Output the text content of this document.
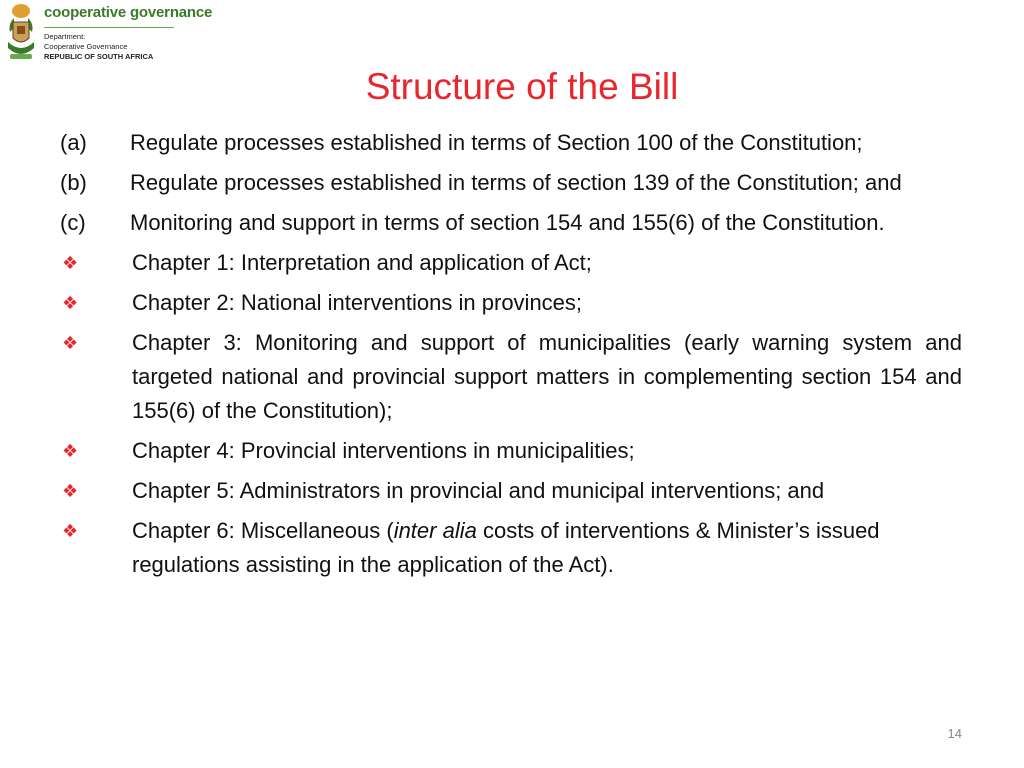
cooperative governance
Department:
Cooperative Governance
REPUBLIC OF SOUTH AFRICA
Structure of the Bill
(a)	Regulate processes established in terms of Section 100 of the Constitution;
(b)	Regulate processes established in terms of section 139 of the Constitution; and
(c)	Monitoring and support in terms of section 154 and 155(6) of the Constitution.
❖	Chapter 1: Interpretation and application of Act;
❖	Chapter 2: National interventions in provinces;
❖	Chapter 3: Monitoring and support of municipalities (early warning system and targeted national and provincial support matters in complementing section 154 and 155(6) of the Constitution);
❖	Chapter 4: Provincial interventions in municipalities;
❖	Chapter 5: Administrators in provincial and municipal interventions; and
❖	Chapter 6: Miscellaneous (inter alia costs of interventions & Minister’s issued regulations assisting in the application of the Act).
14
